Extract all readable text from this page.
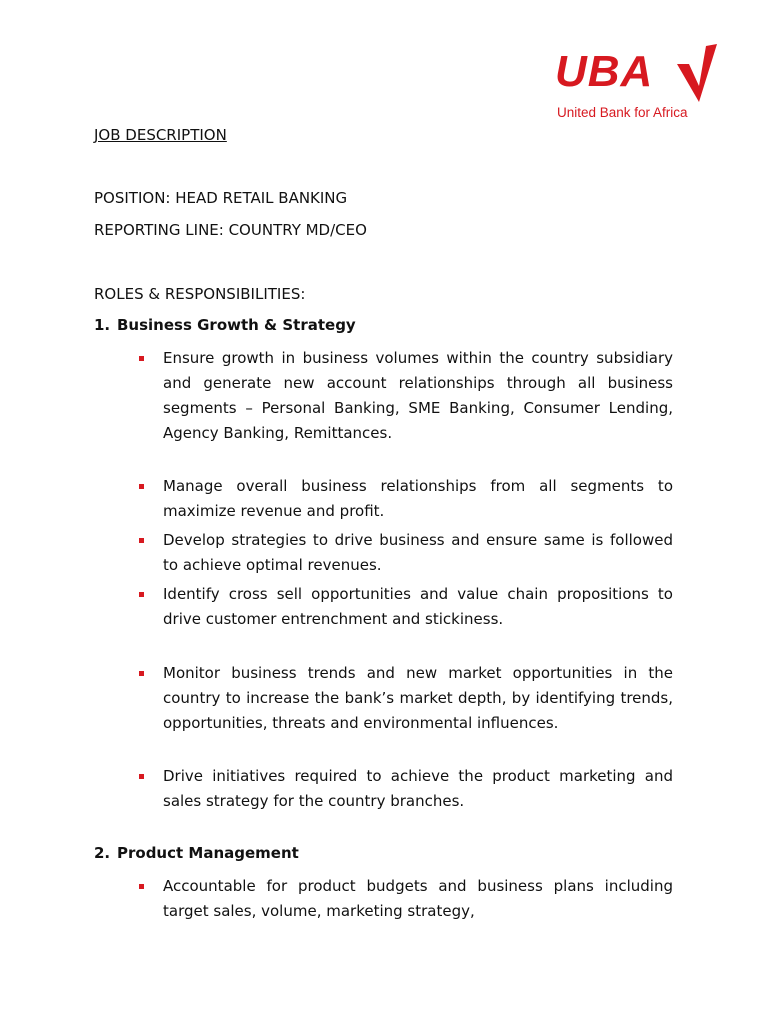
UBA
United Bank for Africa
JOB DESCRIPTION
POSITION: HEAD RETAIL BANKING
REPORTING LINE: COUNTRY MD/CEO
ROLES & RESPONSIBILITIES:
1. Business Growth & Strategy
Ensure growth in business volumes within the country subsidiary and generate new account relationships through all business segments – Personal Banking, SME Banking, Consumer Lending, Agency Banking, Remittances.
Manage overall business relationships from all segments to maximize revenue and profit.
Develop strategies to drive business and ensure same is followed to achieve optimal revenues.
Identify cross sell opportunities and value chain propositions to drive customer entrenchment and stickiness.
Monitor business trends and new market opportunities in the country to increase the bank’s market depth, by identifying trends, opportunities, threats and environmental influences.
Drive initiatives required to achieve the product marketing and sales strategy for the country branches.
2. Product Management
Accountable for product budgets and business plans including target sales, volume, marketing strategy,
